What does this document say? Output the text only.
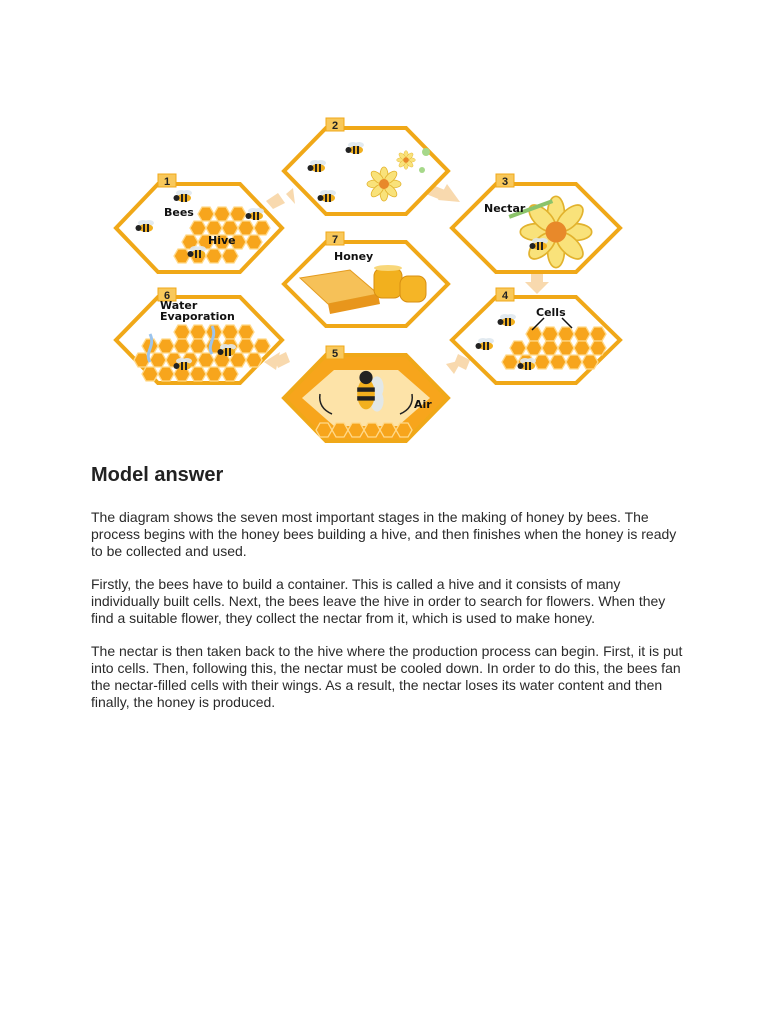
1
Bees
Hive
2
3
Nectar
7
Honey
www.ielts-exam.net
6
Water
Evaporation
4
Cells
5
Air
Model answer

The diagram shows the seven most important stages in the making of honey by bees. The process begins with the honey bees building a hive, and then finishes when the honey is ready to be collected and used.

Firstly, the bees have to build a container. This is called a hive and it consists of many individually built cells. Next, the bees leave the hive in order to search for flowers. When they find a suitable flower, they collect the nectar from it, which is used to make honey.

The nectar is then taken back to the hive where the production process can begin. First, it is put into cells. Then, following this, the nectar must be cooled down. In order to do this, the bees fan the nectar-filled cells with their wings. As a result, the nectar loses its water content and then finally, the honey is produced.
